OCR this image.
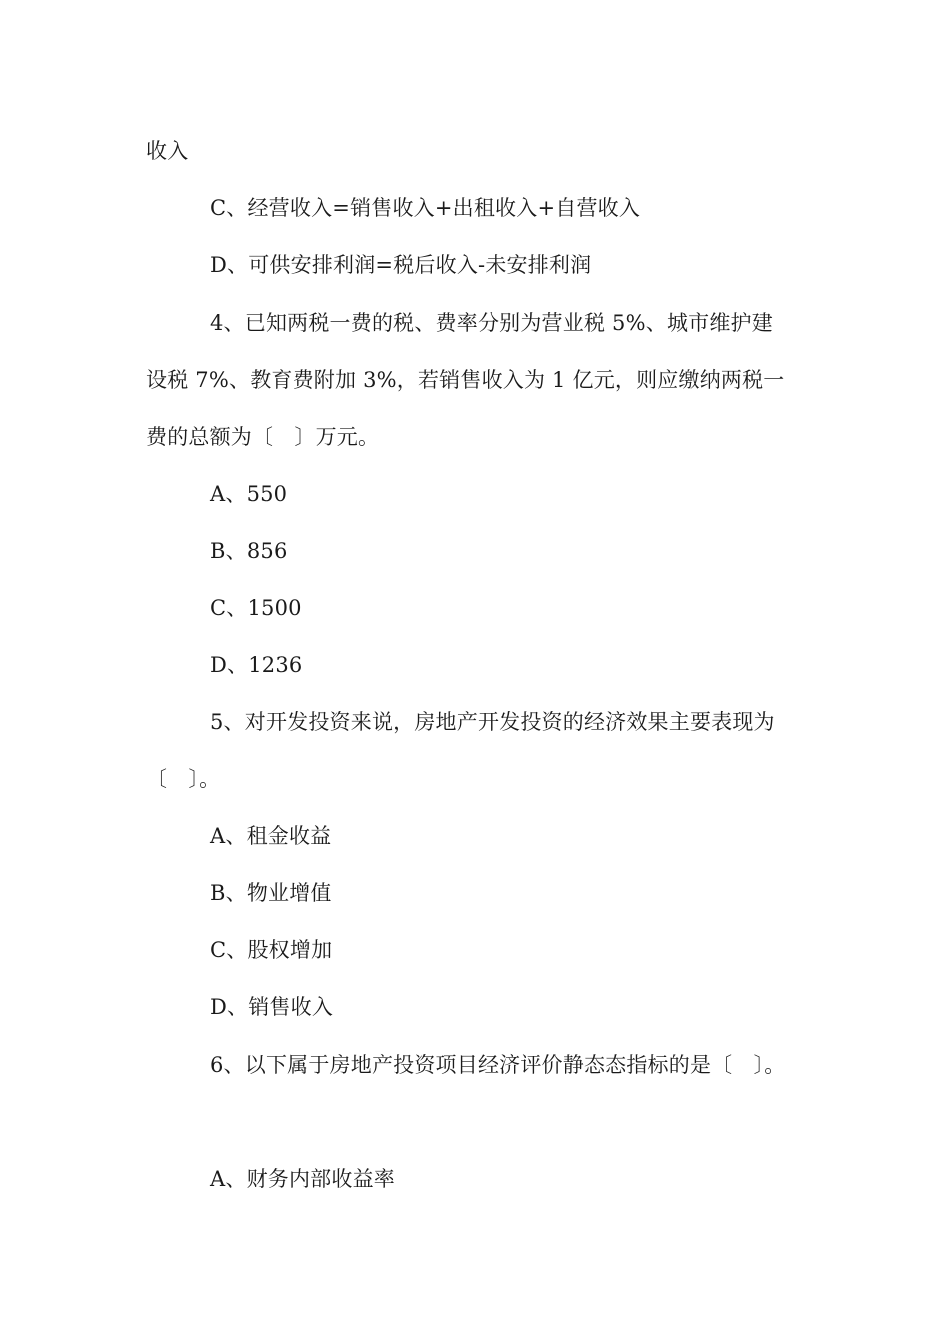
收入
C、经营收入=销售收入+出租收入+自营收入
D、可供安排利润=税后收入-未安排利润
4、已知两税一费的税、费率分别为营业税 5%、城市维护建
设税 7%、教育费附加 3%，若销售收入为 1 亿元，则应缴纳两税一
费的总额为〔　〕万元。
A、550
B、856
C、1500
D、1236
5、对开发投资来说，房地产开发投资的经济效果主要表现为
〔　〕。
A、租金收益
B、物业增值
C、股权增加
D、销售收入
6、以下属于房地产投资项目经济评价静态态指标的是〔　〕。
A、财务内部收益率
